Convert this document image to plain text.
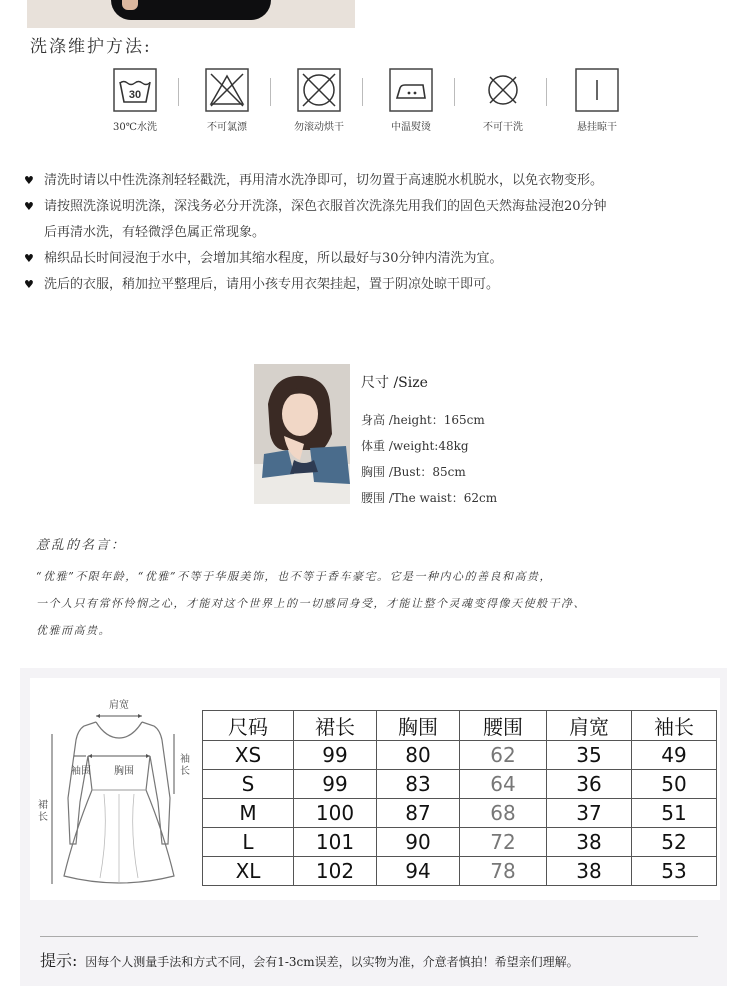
洗涤维护方法:
30
30℃水洗	不可氯漂	勿滚动烘干	中温熨烫	不可干洗	悬挂晾干
♥ 清洗时请以中性洗涤剂轻轻戳洗，再用清水洗净即可，切勿置于高速脱水机脱水，以免衣物变形。
♥ 请按照洗涤说明洗涤，深浅务必分开洗涤，深色衣服首次洗涤先用我们的固色天然海盐浸泡20分钟
后再清水洗，有轻微浮色属正常现象。
♥ 棉织品长时间浸泡于水中，会增加其缩水程度，所以最好与30分钟内清洗为宜。
♥ 洗后的衣服，稍加拉平整理后，请用小孩专用衣架挂起，置于阴凉处晾干即可。
尺寸 /Size
身高 /height：165cm
体重 /weight:48kg
胸围 /Bust：85cm
腰围 /The waist：62cm
意乱的名言：
“优雅”不限年龄，“优雅”不等于华服美饰，也不等于香车豪宅。它是一种内心的善良和高贵，
一个人只有常怀怜悯之心，才能对这个世界上的一切感同身受，才能让整个灵魂变得像天使般干净、
优雅而高贵。
肩宽
袖围 胸围
袖长
裙长
尺码	裙长	胸围	腰围	肩宽	袖长
XS	99	80	62	35	49
S	99	83	64	36	50
M	100	87	68	37	51
L	101	90	72	38	52
XL	102	94	78	38	53
提示: 因每个人测量手法和方式不同，会有1-3cm误差，以实物为准，介意者慎拍！希望亲们理解。
